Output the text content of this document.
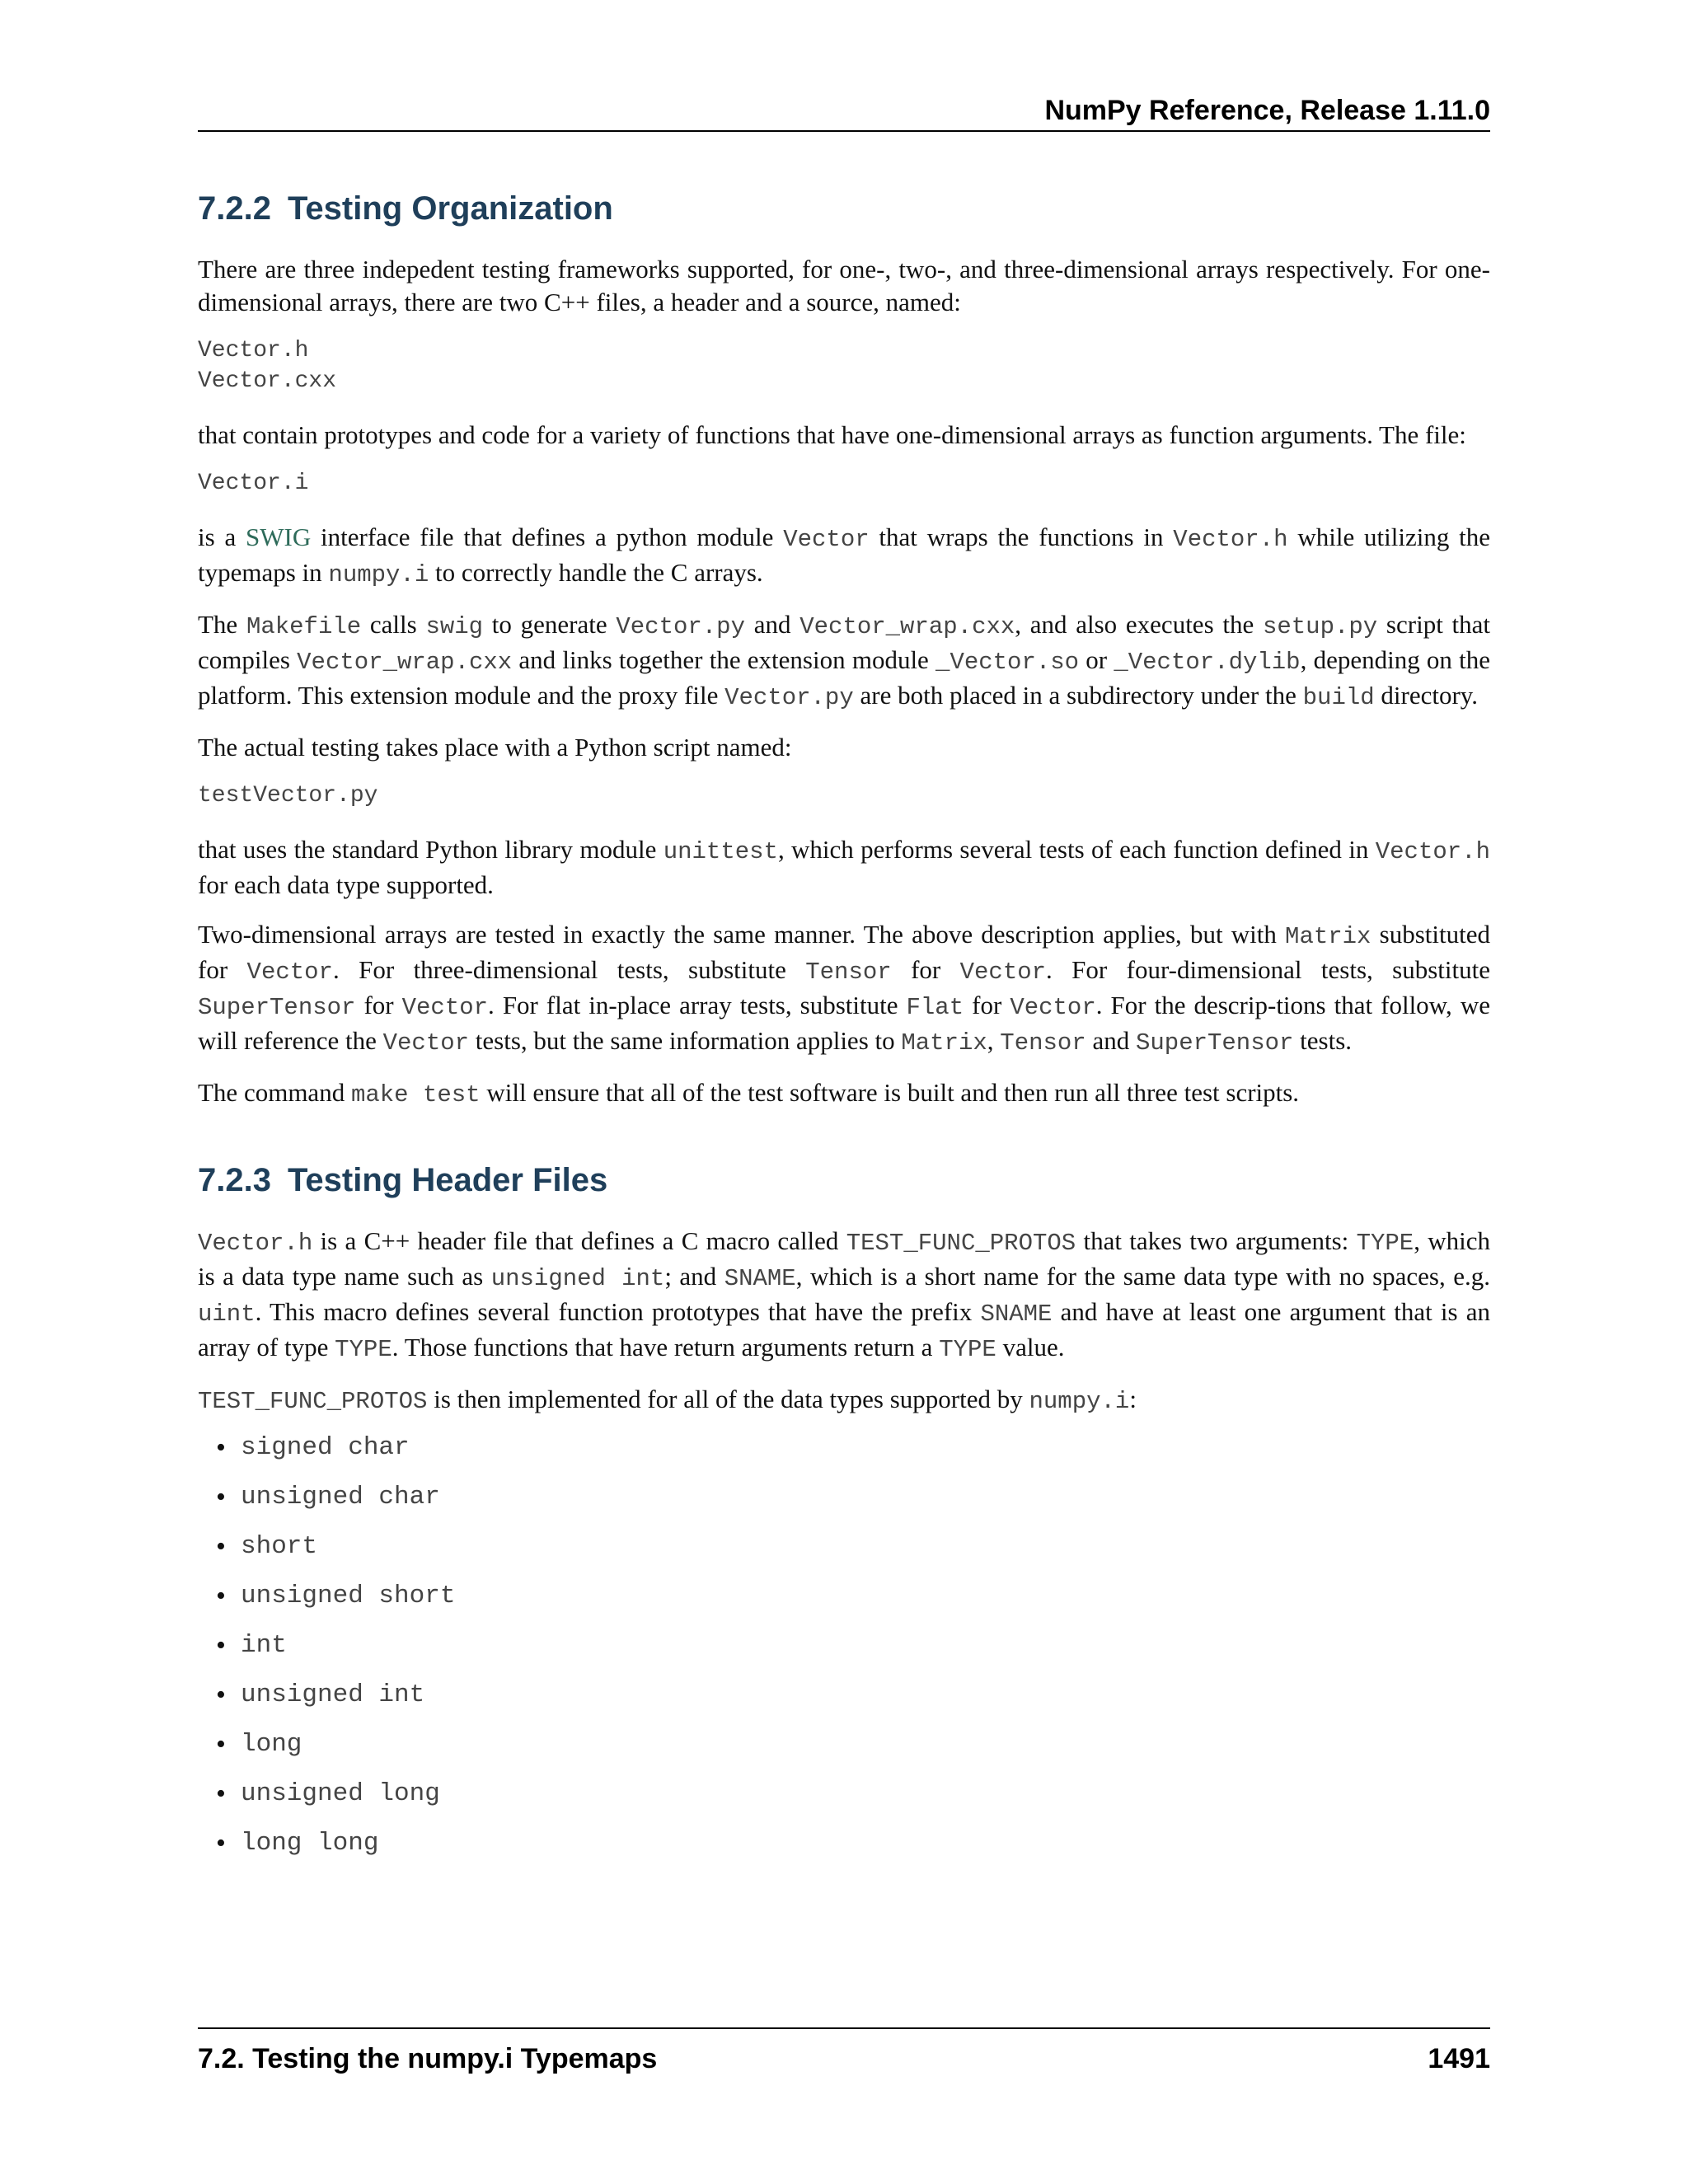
NumPy Reference, Release 1.11.0
7.2.2 Testing Organization

There are three indepedent testing frameworks supported, for one-, two-, and three-dimensional arrays respectively. For one-dimensional arrays, there are two C++ files, a header and a source, named:

Vector.h
Vector.cxx

that contain prototypes and code for a variety of functions that have one-dimensional arrays as function arguments. The file:

Vector.i

is a SWIG interface file that defines a python module Vector that wraps the functions in Vector.h while utilizing the typemaps in numpy.i to correctly handle the C arrays.

The Makefile calls swig to generate Vector.py and Vector_wrap.cxx, and also executes the setup.py script that compiles Vector_wrap.cxx and links together the extension module _Vector.so or _Vector.dylib, depending on the platform. This extension module and the proxy file Vector.py are both placed in a subdirectory under the build directory.

The actual testing takes place with a Python script named:

testVector.py

that uses the standard Python library module unittest, which performs several tests of each function defined in Vector.h for each data type supported.

Two-dimensional arrays are tested in exactly the same manner. The above description applies, but with Matrix substituted for Vector. For three-dimensional tests, substitute Tensor for Vector. For four-dimensional tests, substitute SuperTensor for Vector. For flat in-place array tests, substitute Flat for Vector. For the descrip-tions that follow, we will reference the Vector tests, but the same information applies to Matrix, Tensor and SuperTensor tests.

The command make test will ensure that all of the test software is built and then run all three test scripts.

7.2.3 Testing Header Files

Vector.h is a C++ header file that defines a C macro called TEST_FUNC_PROTOS that takes two arguments: TYPE, which is a data type name such as unsigned int; and SNAME, which is a short name for the same data type with no spaces, e.g. uint. This macro defines several function prototypes that have the prefix SNAME and have at least one argument that is an array of type TYPE. Those functions that have return arguments return a TYPE value.

TEST_FUNC_PROTOS is then implemented for all of the data types supported by numpy.i:

• signed char
• unsigned char
• short
• unsigned short
• int
• unsigned int
• long
• unsigned long
• long long
7.2. Testing the numpy.i Typemaps	1491
